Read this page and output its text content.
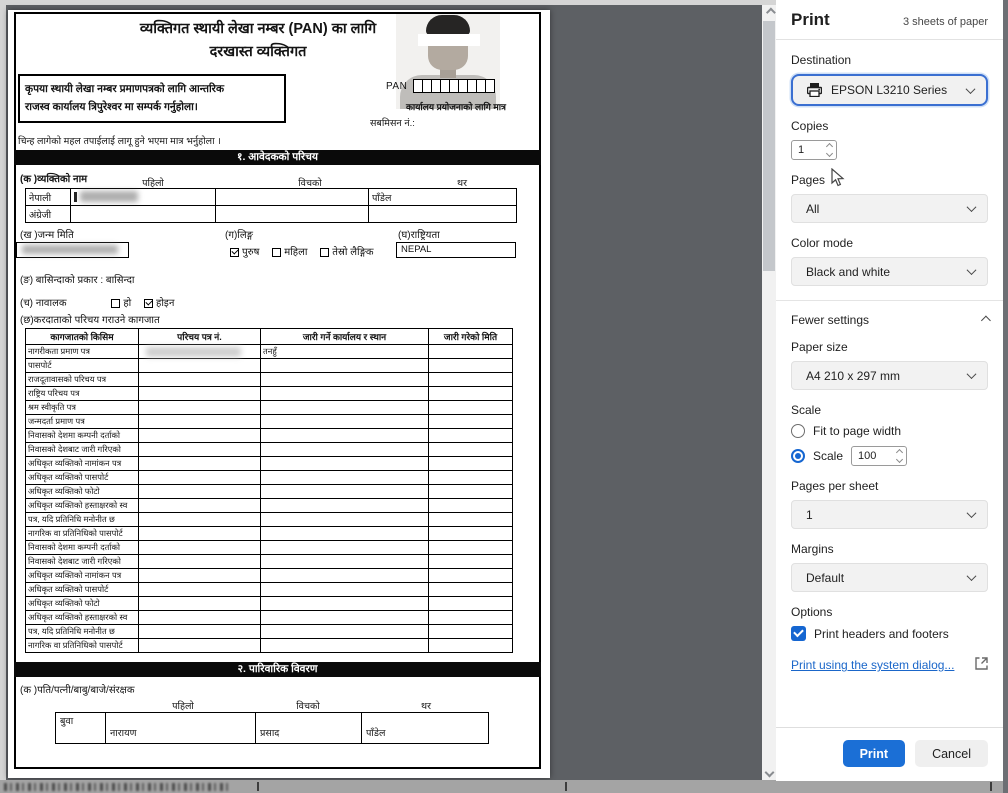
व्यक्तिगत स्थायी लेखा नम्बर (PAN) का लागि
दरखास्त व्यक्तिगत
कृपया स्थायी लेखा नम्बर प्रमाणपत्रको लागि आन्तरिक
राजस्व कार्यालय त्रिपुरेश्वर मा सम्पर्क गर्नुहोला।
PAN
कार्यालय प्रयोजनाको लागि मात्र
सबमिसन नं.:
चिन्ह लागेको महल तपाईलाई लागू हुने भएमा मात्र भर्नुहोला ।
१. आवेदकको परिचय
(क )व्यक्तिको नाम	पहिलो	विचको	थर
नेपाली			पाँडेल
अंग्रेजी			
(ख )जन्म मिति	(ग)लिङ्ग
पुरुष महिला तेस्रो लैङ्गिक
(घ)राष्ट्रियता
NEPAL
(ङ) बासिन्दाको प्रकार : बासिन्दा
(च) नावालक	हो होइन
(छ)करदाताको परिचय गराउने कागजात
कागजातको किसिम	परिचय पत्र नं.	जारी गर्ने कार्यालय र स्थान	जारी गरेको मिति
नागरीकता प्रमाण पत्र		तनहुँ	
पासपोर्ट			
राजदूतावासको परिचय पत्र			
राष्ट्रिय परिचय पत्र			
श्रम स्वीकृति पत्र			
जन्मदर्ता प्रमाण पत्र			
निवासको देशमा कम्पनी दर्ताको			
निवासको देशबाट जारी गरिएको			
अधिकृत व्यक्तिको नामांकन पत्र			
अधिकृत व्यक्तिको पासपोर्ट			
अधिकृत व्यक्तिको फोटो			
अधिकृत व्यक्तिको हस्ताक्षरको स्व			
पत्र, यदि प्रतिनिधि मनोनीत छ			
नागरिक वा प्रतिनिधिको पासपोर्ट			
निवासको देशमा कम्पनी दर्ताको			
निवासको देशबाट जारी गरिएको			
अधिकृत व्यक्तिको नामांकन पत्र			
अधिकृत व्यक्तिको पासपोर्ट			
अधिकृत व्यक्तिको फोटो			
अधिकृत व्यक्तिको हस्ताक्षरको स्व			
पत्र, यदि प्रतिनिधि मनोनीत छ			
नागरिक वा प्रतिनिधिको पासपोर्ट			
२. पारिवारिक विवरण
(क )पति/पत्नी/बाबु/बाजे/संरक्षक
पहिलो	विचको	थर
बुवा	नारायण	प्रसाद	पाँडेल
Print	3 sheets of paper
Destination
EPSON L3210 Series
Copies
1
Pages
All
Color mode
Black and white
Fewer settings
Paper size
A4 210 x 297 mm
Scale
Fit to page width
Scale 100
Pages per sheet
1
Margins
Default
Options
Print headers and footers
Print using the system dialog...
Print	Cancel
